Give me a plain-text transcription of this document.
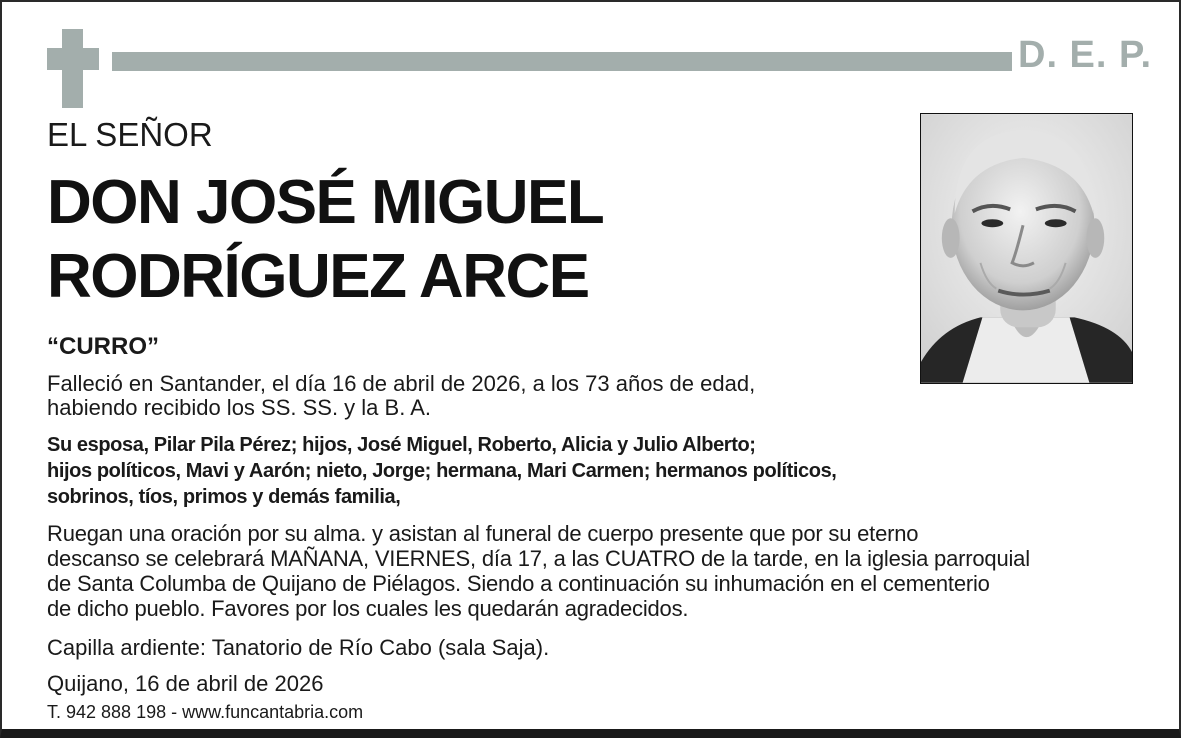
D. E. P.
EL SEÑOR
DON JOSÉ MIGUEL
RODRÍGUEZ ARCE
“CURRO”
Falleció en Santander, el día 16 de abril de 2026, a los 73 años de edad,
habiendo recibido los SS. SS. y la B. A.
Su esposa, Pilar Pila Pérez; hijos, José Miguel, Roberto, Alicia y Julio Alberto;
hijos políticos, Mavi y Aarón; nieto, Jorge; hermana, Mari Carmen; hermanos políticos,
sobrinos, tíos, primos y demás familia,
Ruegan una oración por su alma. y asistan al funeral de cuerpo presente que por su eterno
descanso se celebrará MAÑANA, VIERNES, día 17, a las CUATRO de la tarde, en la iglesia parroquial
de Santa Columba de Quijano de Piélagos. Siendo a continuación su inhumación en el cementerio
de dicho pueblo. Favores por los cuales les quedarán agradecidos.
Capilla ardiente: Tanatorio de Río Cabo (sala Saja).
Quijano, 16 de abril de 2026
T. 942 888 198 - www.funcantabria.com
